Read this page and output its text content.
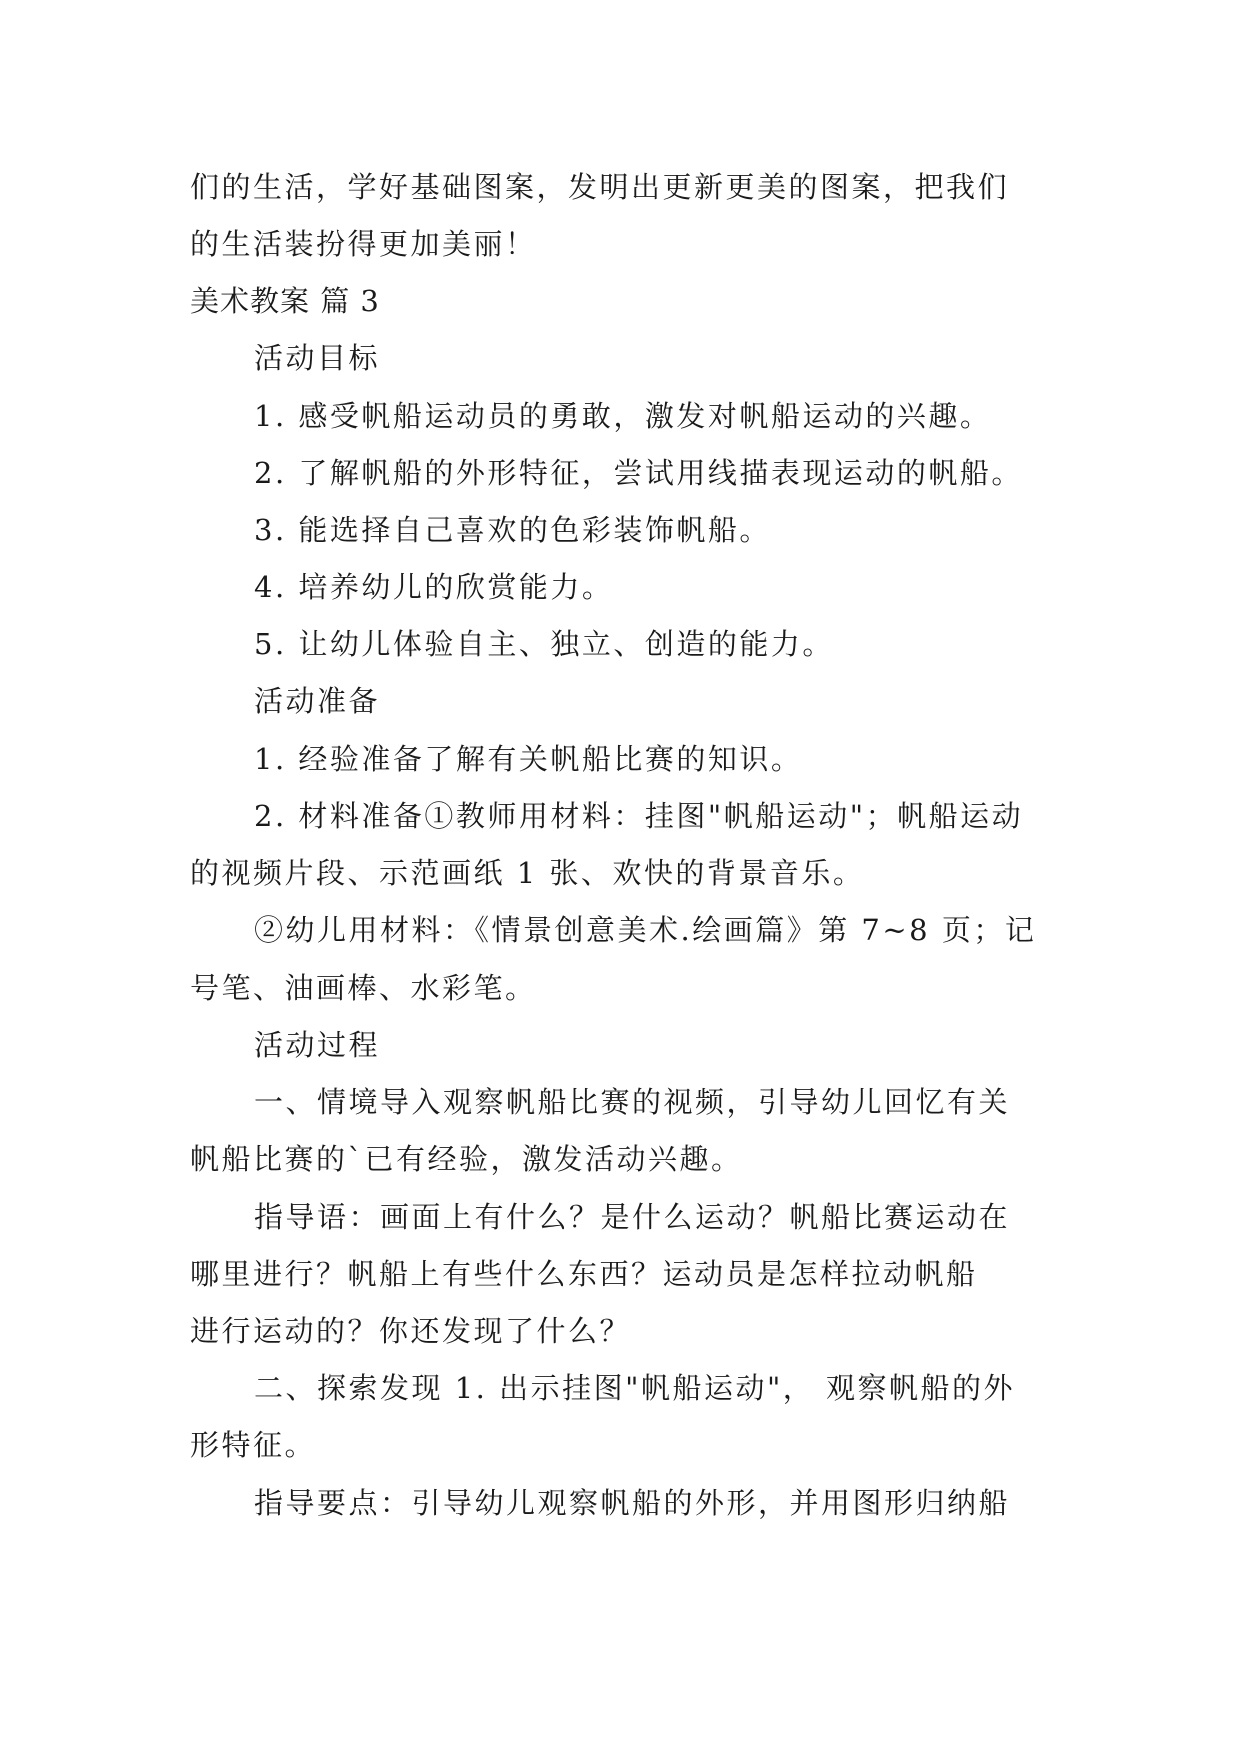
们的生活，学好基础图案，发明出更新更美的图案，把我们
的生活装扮得更加美丽！
美术教案 篇 3
活动目标
1. 感受帆船运动员的勇敢，激发对帆船运动的兴趣。
2. 了解帆船的外形特征，尝试用线描表现运动的帆船。
3. 能选择自己喜欢的色彩装饰帆船。
4. 培养幼儿的欣赏能力。
5. 让幼儿体验自主、独立、创造的能力。
活动准备
1. 经验准备了解有关帆船比赛的知识。
2. 材料准备①教师用材料：挂图"帆船运动"；帆船运动
的视频片段、示范画纸 1 张、欢快的背景音乐。
②幼儿用材料：《情景创意美术.绘画篇》第 7~8 页；记
号笔、油画棒、水彩笔。
活动过程
一、情境导入观察帆船比赛的视频，引导幼儿回忆有关
帆船比赛的`已有经验，激发活动兴趣。
指导语：画面上有什么？是什么运动？帆船比赛运动在
哪里进行？帆船上有些什么东西？运动员是怎样拉动帆船
进行运动的？你还发现了什么？
二、探索发现 1. 出示挂图"帆船运动"， 观察帆船的外
形特征。
指导要点：引导幼儿观察帆船的外形，并用图形归纳船
